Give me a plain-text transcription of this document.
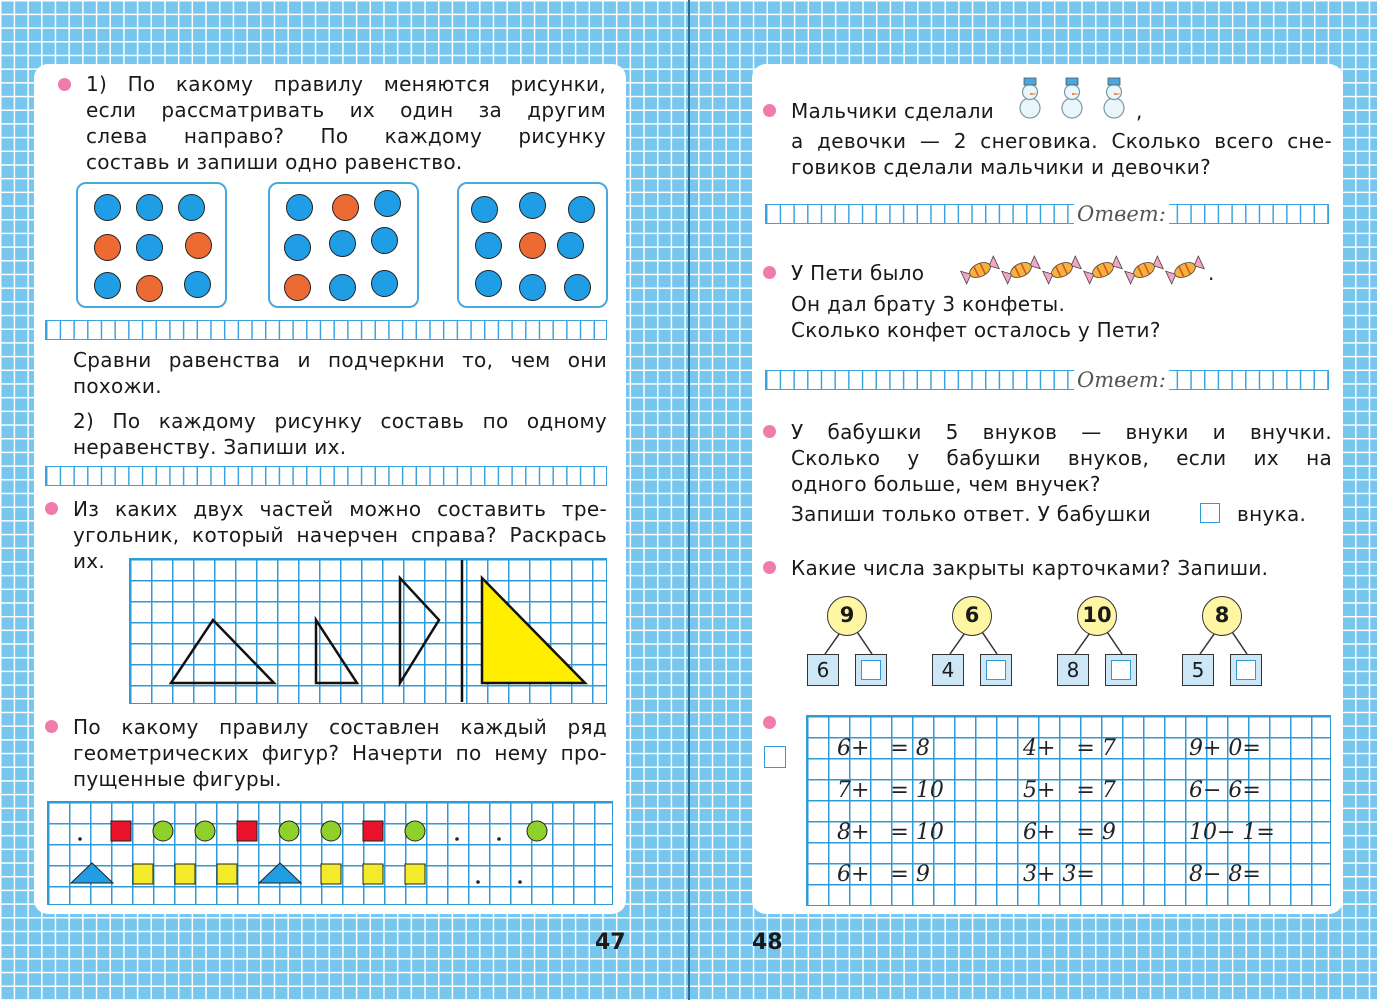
1) По какому правилу меняются рисунки,
если рассматривать их один за другим
слева направо? По каждому рисунку
составь и запиши одно равенство.
Сравни равенства и подчеркни то, чем они
похожи.
2) По каждому рисунку составь по одному
неравенству. Запиши их.
Из каких двух частей можно составить тре-
угольник, который начерчен справа? Раскрась
их.
По какому правилу составлен каждый ряд
геометрических фигур? Начерти по нему про-
пущенные фигуры.
47
Мальчики сделали	,
а девочки — 2 снеговика. Сколько всего сне-
говиков сделали мальчики и девочки?
Ответ:
У Пети было	.
Он дал брату 3 конфеты.
Сколько конфет осталось у Пети?
Ответ:
У бабушки 5 внуков — внуки и внучки.
Сколько у бабушки внуков, если их на
одного больше, чем внучек?
Запиши только ответ. У бабушки	внука.
Какие числа закрыты карточками? Запиши.
9
6
6
4
10
8
8
5
6+   = 8	4+   = 7	9+ 0=
7+   = 10	5+   = 7	6− 6=
8+   = 10	6+   = 9	10− 1=
6+   = 9	3+ 3=	8− 8=
48
